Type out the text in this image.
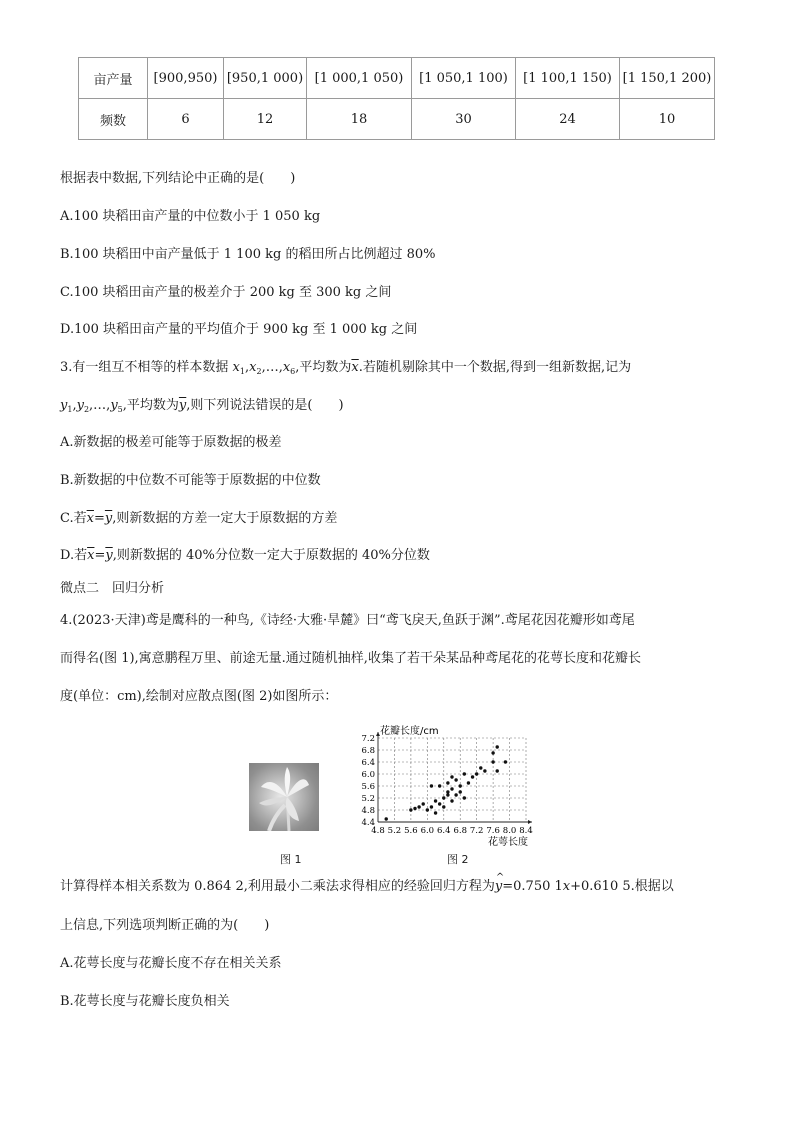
亩产量	[900,950)	[950,1 000)	[1 000,1 050)	[1 050,1 100)	[1 100,1 150)	[1 150,1 200)
频数	6	12	18	30	24	10
根据表中数据,下列结论中正确的是(　　)
A.100 块稻田亩产量的中位数小于 1 050 kg
B.100 块稻田中亩产量低于 1 100 kg 的稻田所占比例超过 80%
C.100 块稻田亩产量的极差介于 200 kg 至 300 kg 之间
D.100 块稻田亩产量的平均值介于 900 kg 至 1 000 kg 之间
3.有一组互不相等的样本数据 $x_1,x_2,\dots,x_6$,平均数为$\overline{x}$.若随机剔除其中一个数据,得到一组新数据,记为
$y_1,y_2,\dots,y_5$,平均数为$\overline{y}$,则下列说法错误的是(　　)
A.新数据的极差可能等于原数据的极差
B.新数据的中位数不可能等于原数据的中位数
C.若$\overline{x}=\overline{y}$,则新数据的方差一定大于原数据的方差
D.若$\overline{x}=\overline{y}$,则新数据的 40%分位数一定大于原数据的 40%分位数
微点二　回归分析
4.(2023·天津)鸢是鹰科的一种鸟,《诗经·大雅·旱麓》曰“鸢飞戾天,鱼跃于渊”.鸢尾花因花瓣形如鸢尾
而得名(图 1),寓意鹏程万里、前途无量.通过随机抽样,收集了若干朵某品种鸢尾花的花萼长度和花瓣长
度(单位：cm),绘制对应散点图(图 2)如图所示：
图 1
花瓣长度/cm
花萼长度
4.8 5.2 5.6 6.0 6.4 6.8 7.2 7.6 8.0 8.4
4.4
4.8
5.2
5.6
6.0
6.4
6.8
7.2
图 2
计算得样本相关系数为 0.864 2,利用最小二乘法求得相应的经验回归方程为
^
y=0.750 1x+0.610 5.根据以
上信息,下列选项判断正确的为(　　)
A.花萼长度与花瓣长度不存在相关关系
B.花萼长度与花瓣长度负相关
